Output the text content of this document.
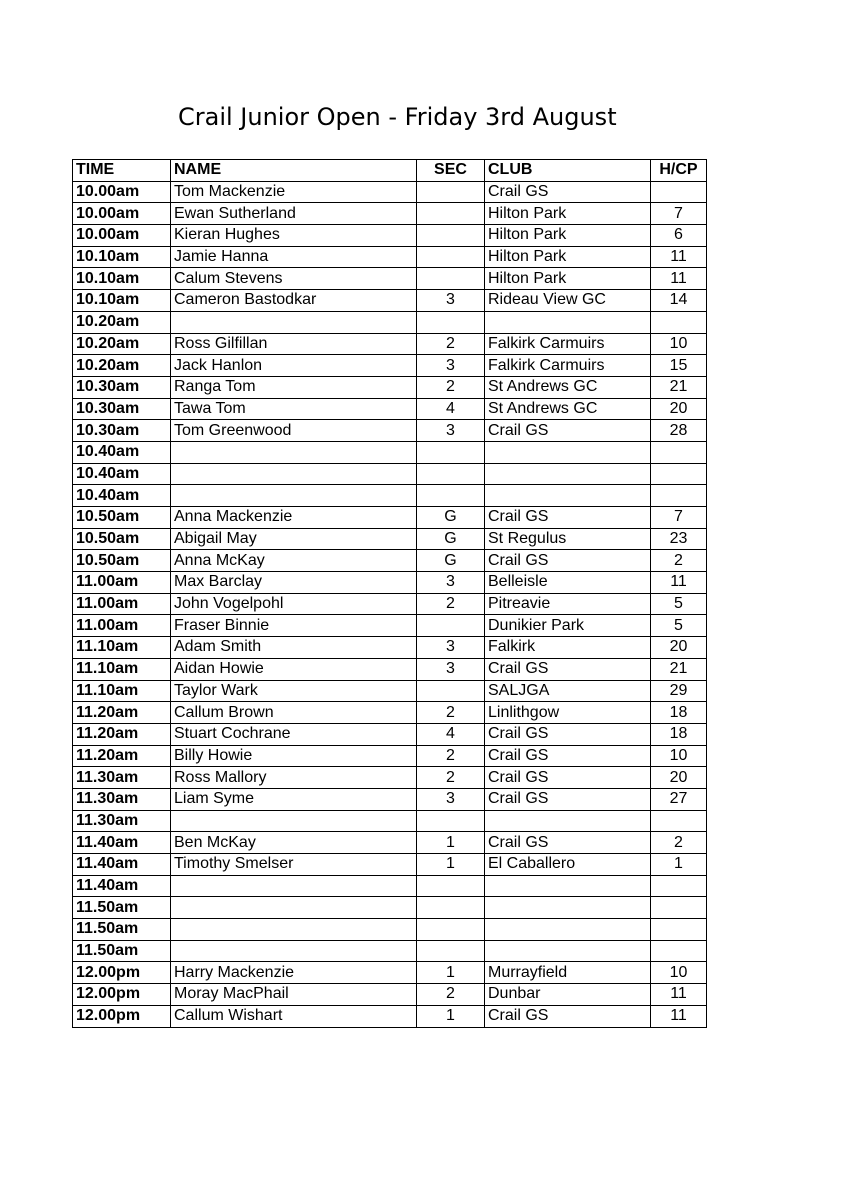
Crail Junior Open - Friday 3rd August
TIME	NAME	SEC	CLUB	H/CP
10.00am	Tom Mackenzie		Crail GS	
10.00am	Ewan Sutherland		Hilton Park	7
10.00am	Kieran Hughes		Hilton Park	6
10.10am	Jamie Hanna		Hilton Park	11
10.10am	Calum Stevens		Hilton Park	11
10.10am	Cameron Bastodkar	3	Rideau View GC	14
10.20am				
10.20am	Ross Gilfillan	2	Falkirk Carmuirs	10
10.20am	Jack Hanlon	3	Falkirk Carmuirs	15
10.30am	Ranga Tom	2	St Andrews GC	21
10.30am	Tawa Tom	4	St Andrews GC	20
10.30am	Tom Greenwood	3	Crail GS	28
10.40am				
10.40am				
10.40am				
10.50am	Anna Mackenzie	G	Crail GS	7
10.50am	Abigail May	G	St Regulus	23
10.50am	Anna McKay	G	Crail GS	2
11.00am	Max Barclay	3	Belleisle	11
11.00am	John Vogelpohl	2	Pitreavie	5
11.00am	Fraser Binnie		Dunikier Park	5
11.10am	Adam Smith	3	Falkirk	20
11.10am	Aidan Howie	3	Crail GS	21
11.10am	Taylor Wark		SALJGA	29
11.20am	Callum Brown	2	Linlithgow	18
11.20am	Stuart Cochrane	4	Crail GS	18
11.20am	Billy Howie	2	Crail GS	10
11.30am	Ross Mallory	2	Crail GS	20
11.30am	Liam Syme	3	Crail GS	27
11.30am				
11.40am	Ben McKay	1	Crail GS	2
11.40am	Timothy Smelser	1	El Caballero	1
11.40am				
11.50am				
11.50am				
11.50am				
12.00pm	Harry Mackenzie	1	Murrayfield	10
12.00pm	Moray MacPhail	2	Dunbar	11
12.00pm	Callum Wishart	1	Crail GS	11
